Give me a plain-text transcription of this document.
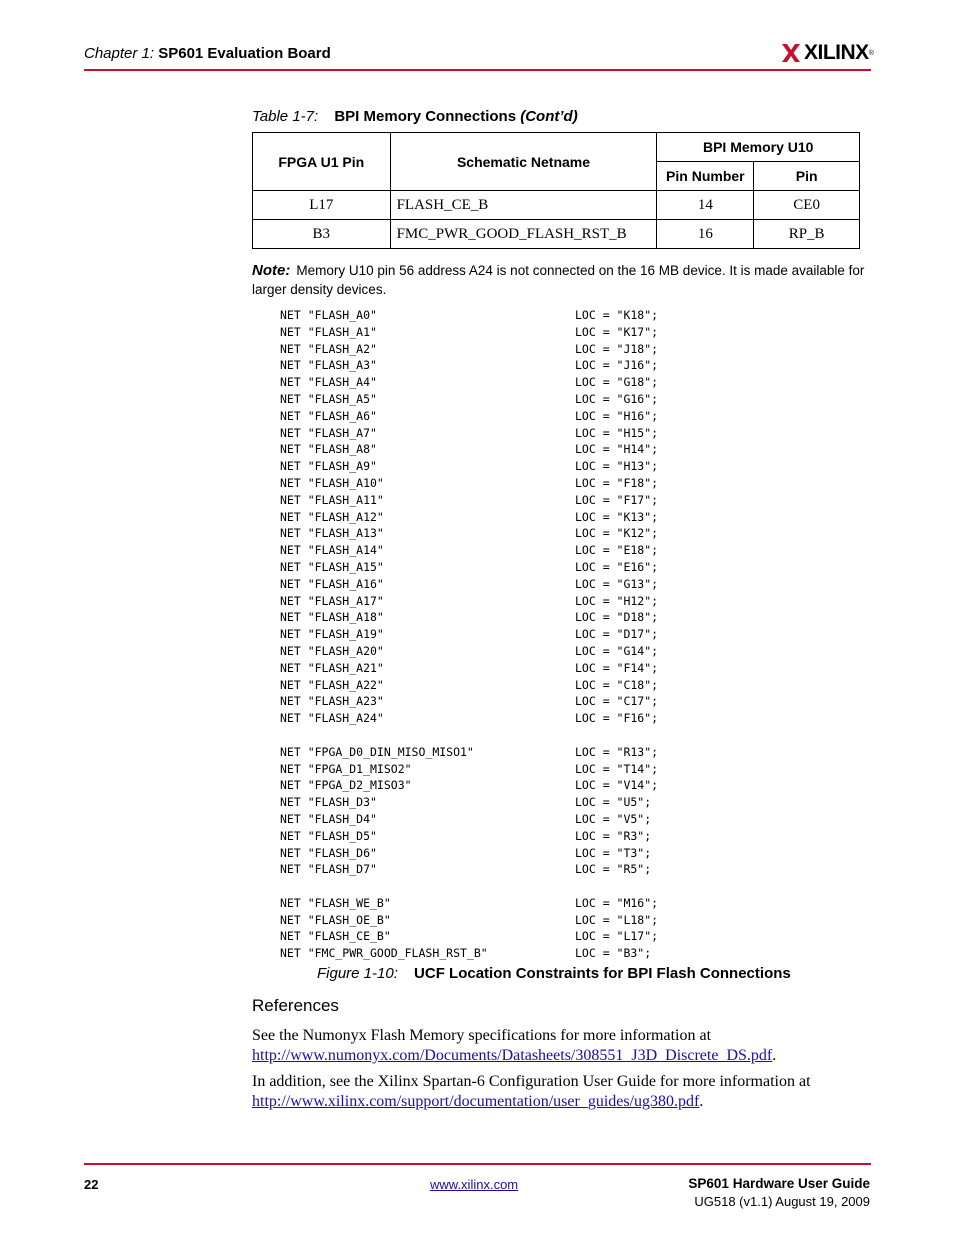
Chapter 1: SP601 Evaluation Board	XILINX ®
Table 1-7: BPI Memory Connections (Cont’d)
FPGA U1 Pin	Schematic Netname	BPI Memory U10	
		Pin Number	Pin
L17	FLASH_CE_B	14	CE0
B3	FMC_PWR_GOOD_FLASH_RST_B	16	RP_B
Note: Memory U10 pin 56 address A24 is not connected on the 16 MB device. It is made available for larger density devices.
NET "FLASH_A0"	LOC = "K18";
NET "FLASH_A1"	LOC = "K17";
NET "FLASH_A2"	LOC = "J18";
NET "FLASH_A3"	LOC = "J16";
NET "FLASH_A4"	LOC = "G18";
NET "FLASH_A5"	LOC = "G16";
NET "FLASH_A6"	LOC = "H16";
NET "FLASH_A7"	LOC = "H15";
NET "FLASH_A8"	LOC = "H14";
NET "FLASH_A9"	LOC = "H13";
NET "FLASH_A10"	LOC = "F18";
NET "FLASH_A11"	LOC = "F17";
NET "FLASH_A12"	LOC = "K13";
NET "FLASH_A13"	LOC = "K12";
NET "FLASH_A14"	LOC = "E18";
NET "FLASH_A15"	LOC = "E16";
NET "FLASH_A16"	LOC = "G13";
NET "FLASH_A17"	LOC = "H12";
NET "FLASH_A18"	LOC = "D18";
NET "FLASH_A19"	LOC = "D17";
NET "FLASH_A20"	LOC = "G14";
NET "FLASH_A21"	LOC = "F14";
NET "FLASH_A22"	LOC = "C18";
NET "FLASH_A23"	LOC = "C17";
NET "FLASH_A24"	LOC = "F16";
NET "FPGA_D0_DIN_MISO_MISO1"	LOC = "R13";
NET "FPGA_D1_MISO2"	LOC = "T14";
NET "FPGA_D2_MISO3"	LOC = "V14";
NET "FLASH_D3"	LOC = "U5";
NET "FLASH_D4"	LOC = "V5";
NET "FLASH_D5"	LOC = "R3";
NET "FLASH_D6"	LOC = "T3";
NET "FLASH_D7"	LOC = "R5";
NET "FLASH_WE_B"	LOC = "M16";
NET "FLASH_OE_B"	LOC = "L18";
NET "FLASH_CE_B"	LOC = "L17";
NET "FMC_PWR_GOOD_FLASH_RST_B"	LOC = "B3";
Figure 1-10: UCF Location Constraints for BPI Flash Connections
References
See the Numonyx Flash Memory specifications for more information at
http://www.numonyx.com/Documents/Datasheets/308551_J3D_Discrete_DS.pdf.
In addition, see the Xilinx Spartan-6 Configuration User Guide for more information at
http://www.xilinx.com/support/documentation/user_guides/ug380.pdf.
22	www.xilinx.com	SP601 Hardware User Guide
UG518 (v1.1) August 19, 2009
